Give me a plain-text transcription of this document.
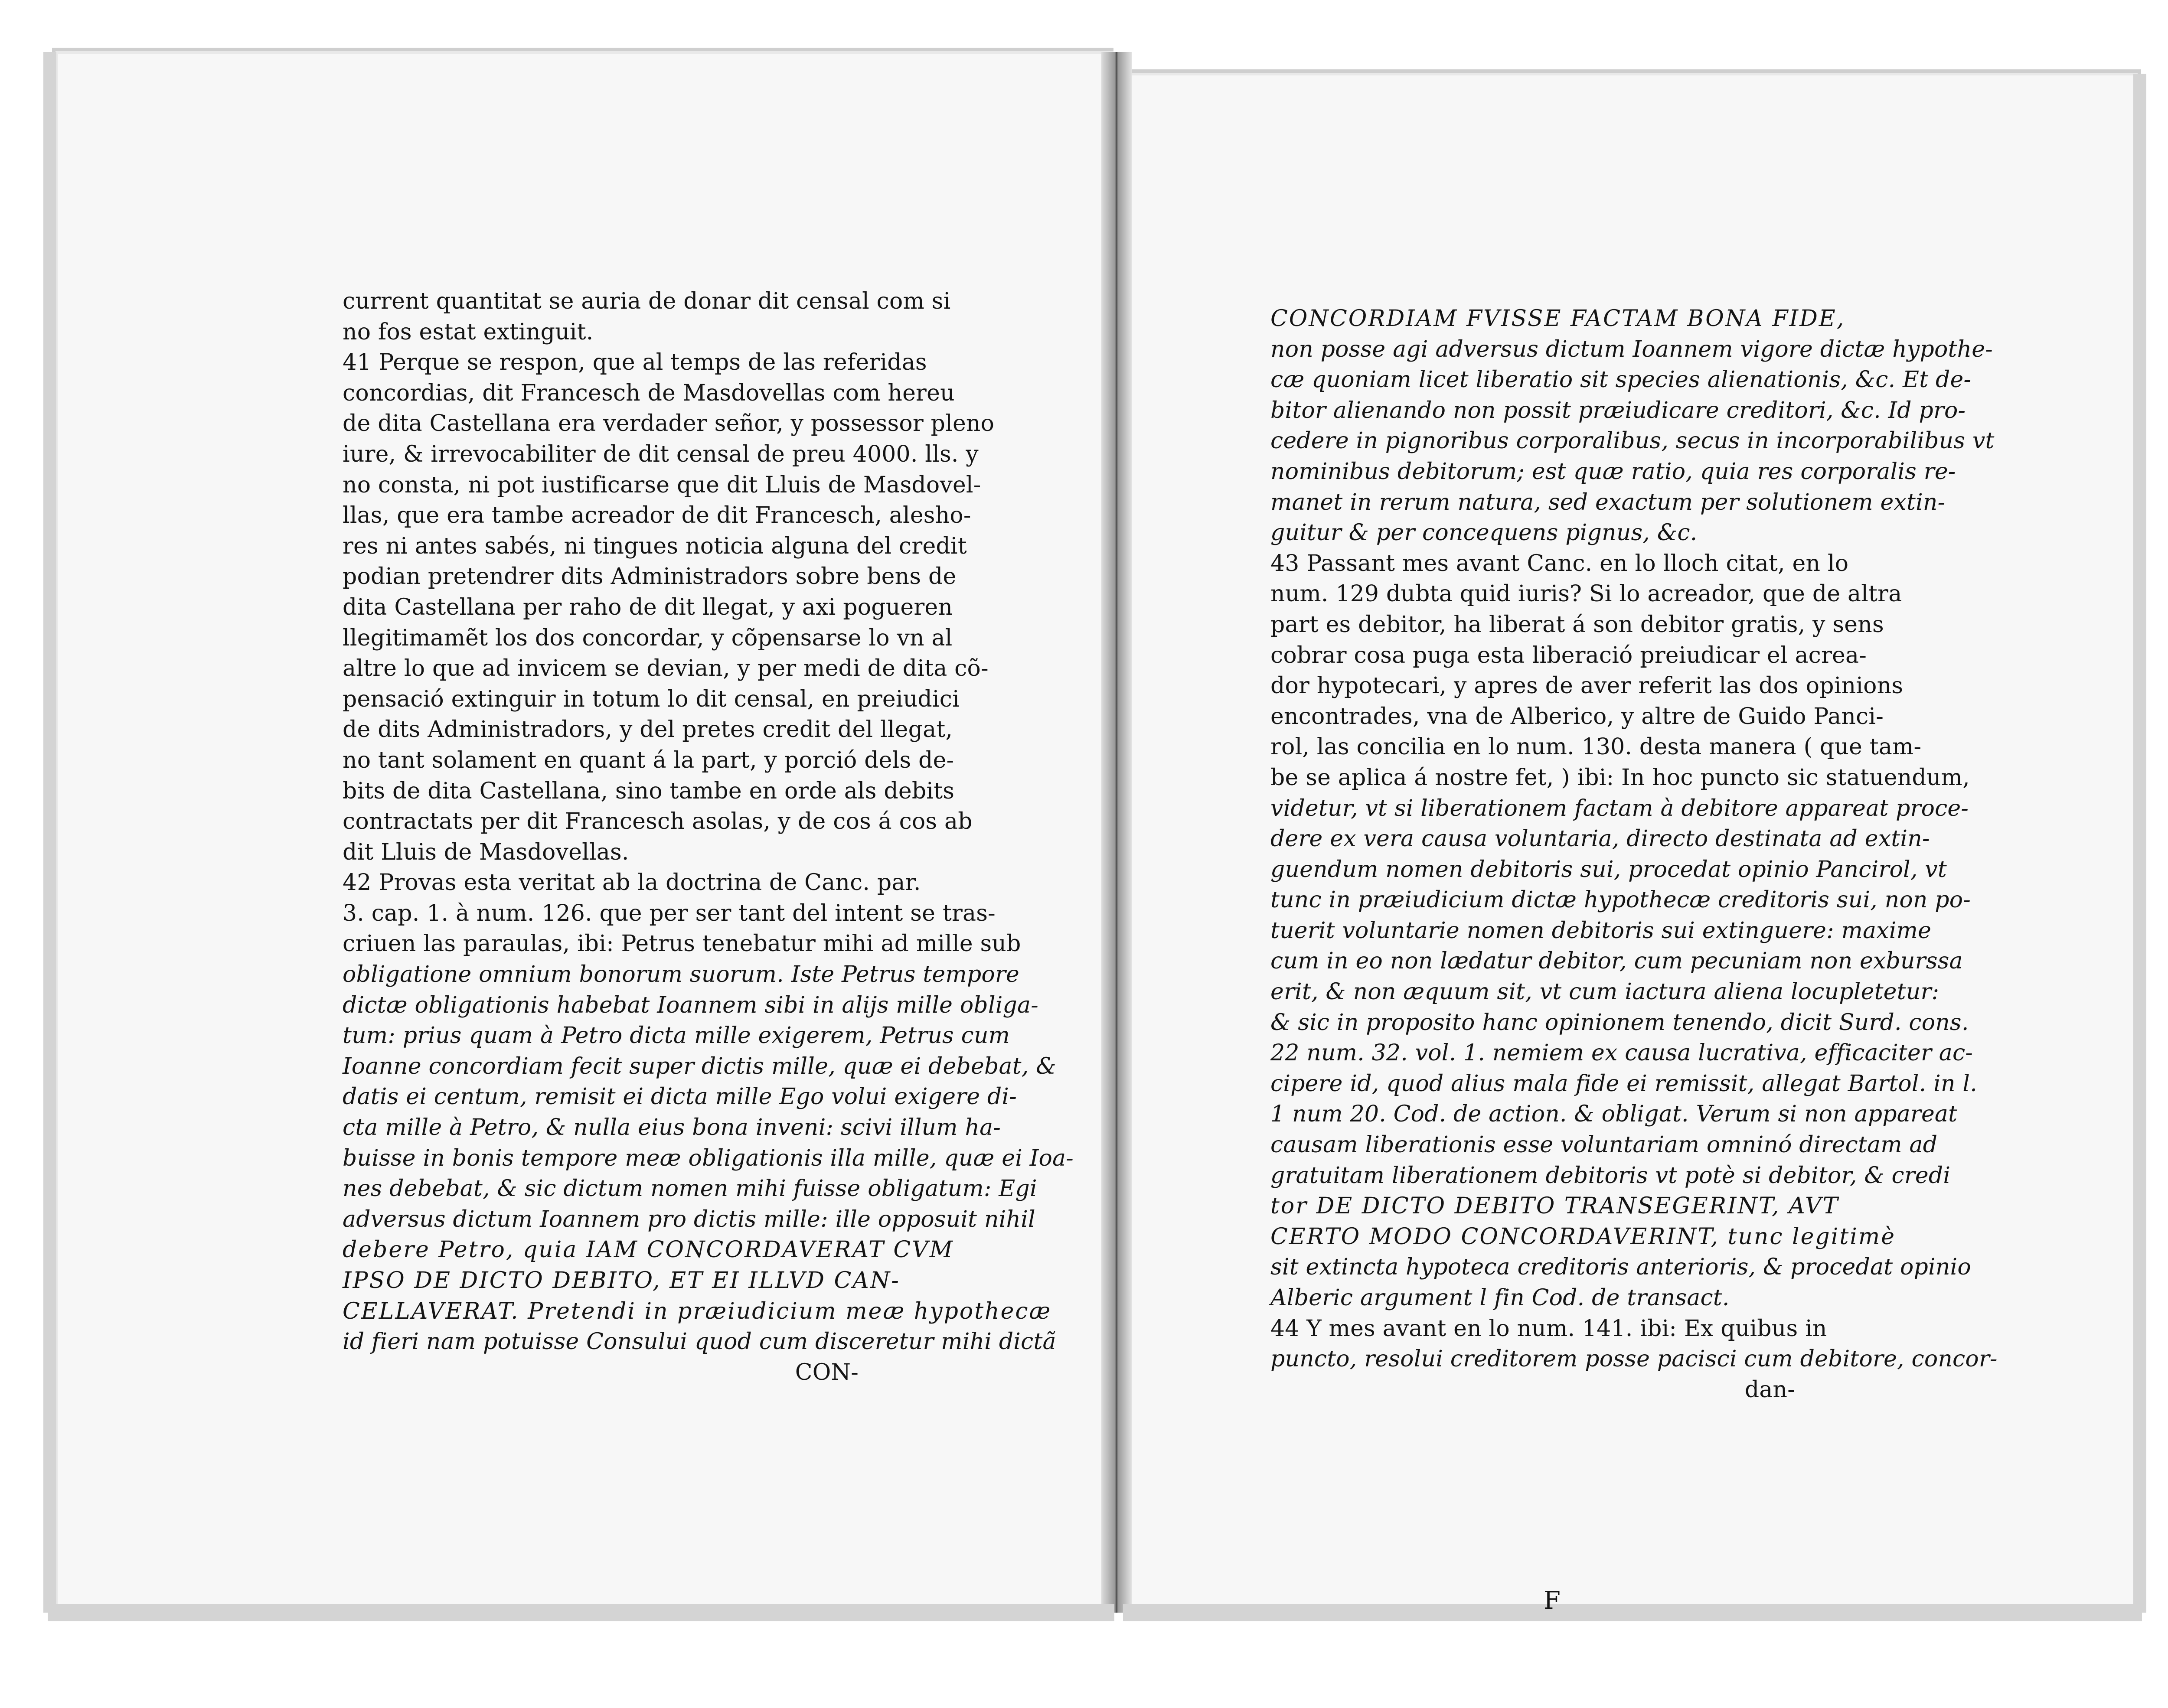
current quantitat se auria de donar dit censal com si
no fos estat extinguit.
41 Perque se respon, que al temps de las referidas
concordias, dit Francesch de Masdovellas com hereu
de dita Castellana era verdader señor, y possessor pleno
iure, & irrevocabiliter de dit censal de preu 4000. lls. y
no consta, ni pot iustificarse que dit Lluis de Masdovel-
llas, que era tambe acreador de dit Francesch, alesho-
res ni antes sabés, ni tingues noticia alguna del credit
podian pretendrer dits Administradors sobre bens de
dita Castellana per raho de dit llegat, y axi pogueren
llegitimamẽt los dos concordar, y cõpensarse lo vn al
altre lo que ad invicem se devian, y per medi de dita cõ-
pensació extinguir in totum lo dit censal, en preiudici
de dits Administradors, y del pretes credit del llegat,
no tant solament en quant á la part, y porció dels de-
bits de dita Castellana, sino tambe en orde als debits
contractats per dit Francesch asolas, y de cos á cos ab
dit Lluis de Masdovellas.
42 Provas esta veritat ab la doctrina de Canc. par.
3. cap. 1. à num. 126. que per ser tant del intent se tras-
criuen las paraulas, ibi: Petrus tenebatur mihi ad mille sub
obligatione omnium bonorum suorum. Iste Petrus tempore
dictæ obligationis habebat Ioannem sibi in alijs mille obliga-
tum: prius quam à Petro dicta mille exigerem, Petrus cum
Ioanne concordiam fecit super dictis mille, quæ ei debebat, &
datis ei centum, remisit ei dicta mille Ego volui exigere di-
cta mille à Petro, & nulla eius bona inveni: scivi illum ha-
buisse in bonis tempore meæ obligationis illa mille, quæ ei Ioa-
nes debebat, & sic dictum nomen mihi fuisse obligatum: Egi
adversus dictum Ioannem pro dictis mille: ille opposuit nihil
debere Petro, quia IAM CONCORDAVERAT CVM
IPSO DE DICTO DEBITO, ET EI ILLVD CAN-
CELLAVERAT. Pretendi in præiudicium meæ hypothecæ
id fieri nam potuisse Consului quod cum disceretur mihi dictã
CON-
CONCORDIAM FVISSE FACTAM BONA FIDE,
non posse agi adversus dictum Ioannem vigore dictæ hypothe-
cæ quoniam licet liberatio sit species alienationis, &c. Et de-
bitor alienando non possit præiudicare creditori, &c. Id pro-
cedere in pignoribus corporalibus, secus in incorporabilibus vt
nominibus debitorum; est quæ ratio, quia res corporalis re-
manet in rerum natura, sed exactum per solutionem extin-
guitur & per concequens pignus, &c.
43 Passant mes avant Canc. en lo lloch citat, en lo
num. 129 dubta quid iuris? Si lo acreador, que de altra
part es debitor, ha liberat á son debitor gratis, y sens
cobrar cosa puga esta liberació preiudicar el acrea-
dor hypotecari, y apres de aver referit las dos opinions
encontrades, vna de Alberico, y altre de Guido Panci-
rol, las concilia en lo num. 130. desta manera ( que tam-
be se aplica á nostre fet, ) ibi: In hoc puncto sic statuendum,
videtur, vt si liberationem factam à debitore appareat proce-
dere ex vera causa voluntaria, directo destinata ad extin-
guendum nomen debitoris sui, procedat opinio Pancirol, vt
tunc in præiudicium dictæ hypothecæ creditoris sui, non po-
tuerit voluntarie nomen debitoris sui extinguere: maxime
cum in eo non lædatur debitor, cum pecuniam non exburssa
erit, & non æquum sit, vt cum iactura aliena locupletetur:
& sic in proposito hanc opinionem tenendo, dicit Surd. cons.
22 num. 32. vol. 1. nemiem ex causa lucrativa, efficaciter ac-
cipere id, quod alius mala fide ei remissit, allegat Bartol. in l.
1 num 20. Cod. de action. & obligat. Verum si non appareat
causam liberationis esse voluntariam omninó directam ad
gratuitam liberationem debitoris vt potè si debitor, & credi
tor DE DICTO DEBITO TRANSEGERINT, AVT
CERTO MODO CONCORDAVERINT, tunc legitimè
sit extincta hypoteca creditoris anterioris, & procedat opinio
Alberic argument l fin Cod. de transact.
44 Y mes avant en lo num. 141. ibi: Ex quibus in
puncto, resolui creditorem posse pacisci cum debitore, concor-
dan-
F
